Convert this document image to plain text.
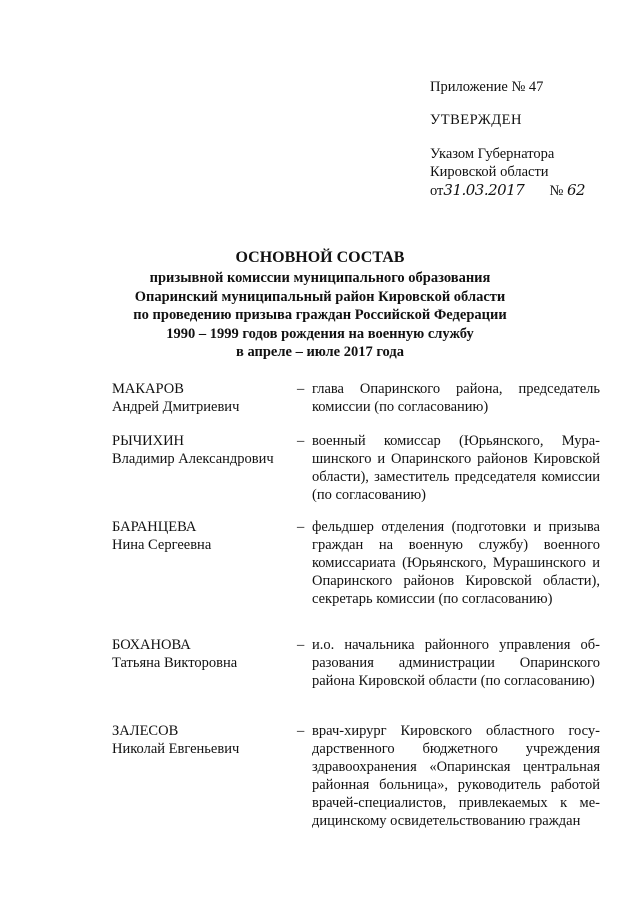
Приложение № 47
УТВЕРЖДЕН
Указом Губернатора
Кировской области
от31.03.2017 № 62
ОСНОВНОЙ СОСТАВ
призывной комиссии муниципального образования
Опаринский муниципальный район Кировской области
по проведению призыва граждан Российской Федерации
1990 – 1999 годов рождения на военную службу
в апреле – июле 2017 года
МАКАРОВ
Андрей Дмитриевич
– глава Опаринского района, председатель комиссии (по согласованию)
РЫЧИХИН
Владимир Александрович
– военный комиссар (Юрьянского, Мурашинского и Опаринского районов Кировской области), заместитель председателя комиссии (по согласованию)
БАРАНЦЕВА
Нина Сергеевна
– фельдшер отделения (подготовки и призыва граждан на военную службу) военного комиссариата (Юрьянского, Мурашинского и Опаринского районов Кировской области), секретарь комиссии (по согласованию)
БОХАНОВА
Татьяна Викторовна
– и.о. начальника районного управления образования администрации Опаринского района Кировской области (по согласованию)
ЗАЛЕСОВ
Николай Евгеньевич
– врач-хирург Кировского областного государственного бюджетного учреждения здравоохранения «Опаринская центральная районная больница», руководитель работой врачей-специалистов, привлекаемых к медицинскому освидетельствованию граждан
